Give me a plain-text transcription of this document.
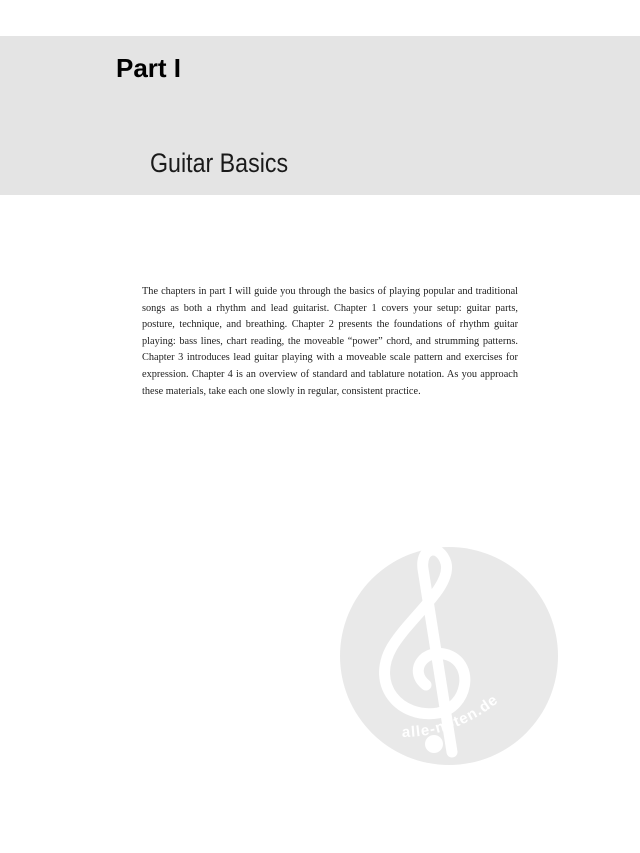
Part I
Guitar Basics

The chapters in part I will guide you through the basics of playing popular and traditional songs as both a rhythm and lead guitarist. Chapter 1 covers your setup: guitar parts, posture, technique, and breathing. Chapter 2 presents the foundations of rhythm guitar playing: bass lines, chart reading, the moveable “power” chord, and strumming patterns. Chapter 3 introduces lead guitar playing with a moveable scale pattern and exercises for expression. Chapter 4 is an overview of standard and tablature notation. As you approach these materials, take each one slowly in regular, consistent practice.

alle-noten.de
